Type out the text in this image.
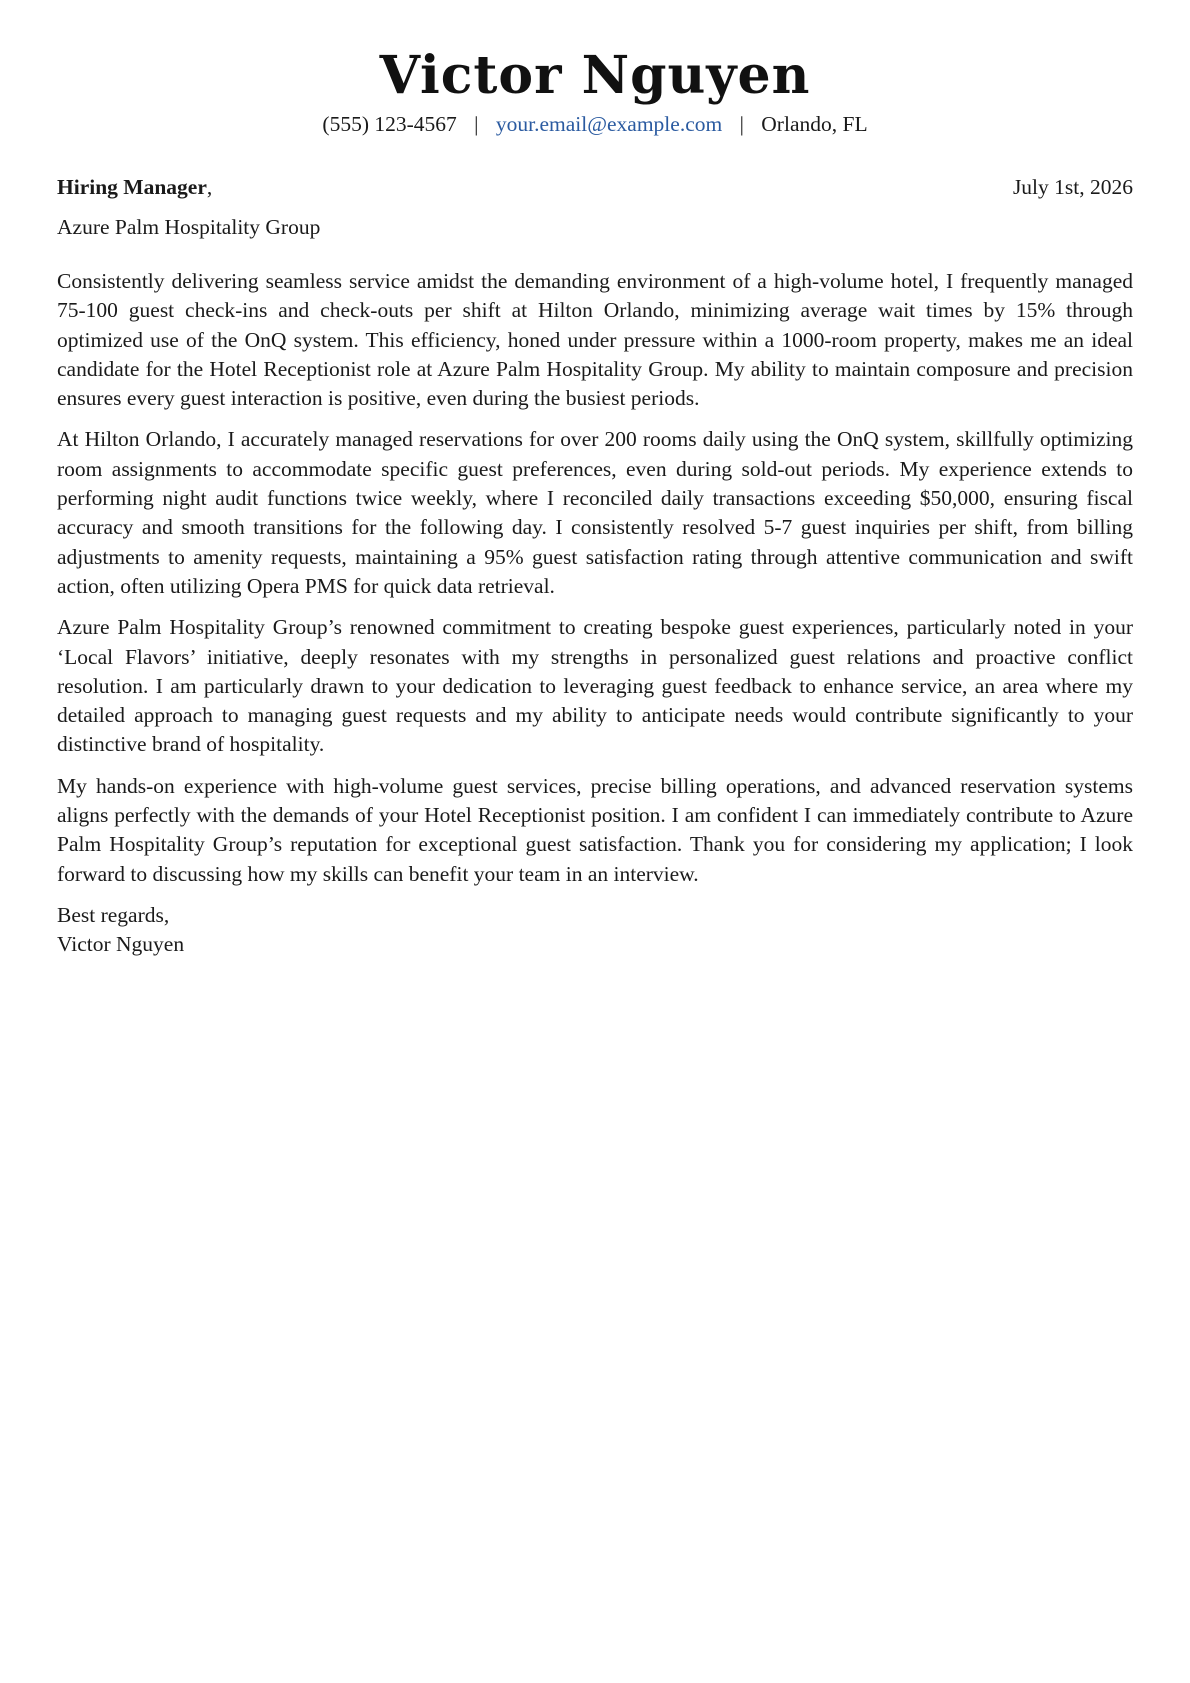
Victor Nguyen
(555) 123-4567 | your.email@example.com | Orlando, FL
Hiring Manager,	July 1st, 2026
Azure Palm Hospitality Group

Consistently delivering seamless service amidst the demanding environment of a high-volume hotel, I frequently managed 75-100 guest check-ins and check-outs per shift at Hilton Orlando, minimizing average wait times by 15% through optimized use of the OnQ system. This efficiency, honed under pressure within a 1000-room property, makes me an ideal candidate for the Hotel Receptionist role at Azure Palm Hospitality Group. My ability to maintain composure and precision ensures every guest interaction is positive, even during the busiest periods.

At Hilton Orlando, I accurately managed reservations for over 200 rooms daily using the OnQ system, skillfully optimizing room assignments to accommodate specific guest preferences, even during sold-out periods. My experience extends to performing night audit functions twice weekly, where I reconciled daily transactions exceeding $50,000, ensuring fiscal accuracy and smooth transitions for the following day. I consistently resolved 5-7 guest inquiries per shift, from billing adjustments to amenity requests, maintaining a 95% guest satisfaction rating through attentive communication and swift action, often utilizing Opera PMS for quick data retrieval.

Azure Palm Hospitality Group’s renowned commitment to creating bespoke guest experiences, particularly noted in your ‘Local Flavors’ initiative, deeply resonates with my strengths in personalized guest relations and proactive conflict resolution. I am particularly drawn to your dedication to leveraging guest feedback to enhance service, an area where my detailed approach to managing guest requests and my ability to anticipate needs would contribute significantly to your distinctive brand of hospitality.

My hands-on experience with high-volume guest services, precise billing operations, and advanced reservation systems aligns perfectly with the demands of your Hotel Receptionist position. I am confident I can immediately contribute to Azure Palm Hospitality Group’s reputation for exceptional guest satisfaction. Thank you for considering my application; I look forward to discussing how my skills can benefit your team in an interview.

Best regards,
Victor Nguyen
